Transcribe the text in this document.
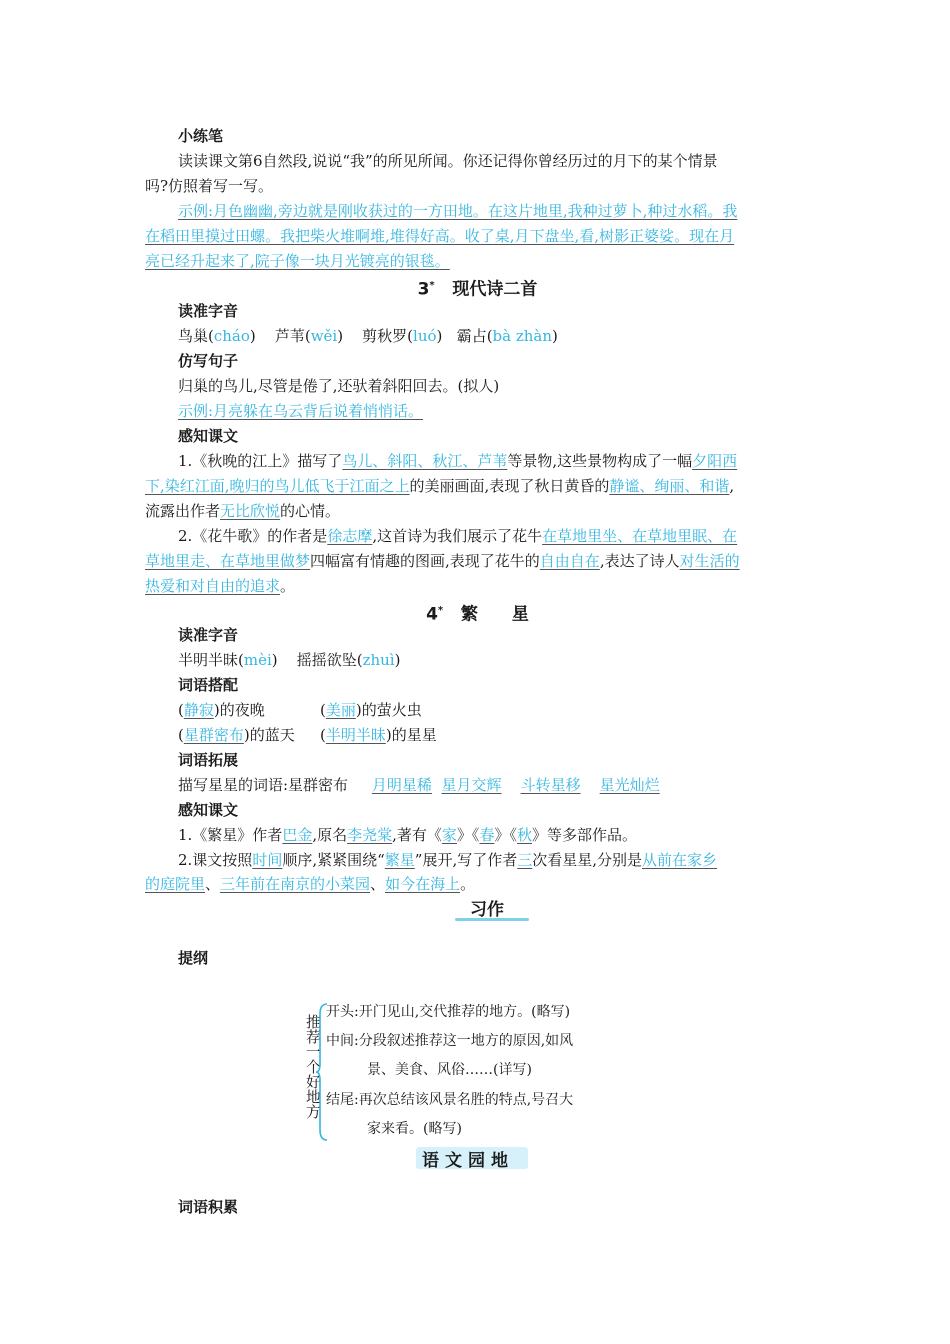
小练笔
读读课文第6自然段,说说“我”的所见所闻。你还记得你曾经历过的月下的某个情景
吗?仿照着写一写。
示例:月色幽幽,旁边就是刚收获过的一方田地。在这片地里,我种过萝卜,种过水稻。我
在稻田里摸过田螺。我把柴火堆啊堆,堆得好高。收了桌,月下盘坐,看,树影正婆娑。现在月
亮已经升起来了,院子像一块月光镀亮的银毯。
3* 现代诗二首
读准字音
鸟巢(cháo) 芦苇(wěi) 剪秋罗(luó) 霸占(bà zhàn)
仿写句子
归巢的鸟儿,尽管是倦了,还驮着斜阳回去。(拟人)
示例:月亮躲在乌云背后说着悄悄话。
感知课文
1.《秋晚的江上》描写了鸟儿、斜阳、秋江、芦苇等景物,这些景物构成了一幅夕阳西
下,染红江面,晚归的鸟儿低飞于江面之上的美丽画面,表现了秋日黄昏的静谧、绚丽、和谐,
流露出作者无比欣悦的心情。
2.《花牛歌》的作者是徐志摩,这首诗为我们展示了花牛在草地里坐、在草地里眠、在
草地里走、在草地里做梦四幅富有情趣的图画,表现了花牛的自由自在,表达了诗人对生活的
热爱和对自由的追求。
4* 繁　　星
读准字音
半明半昧(mèi) 摇摇欲坠(zhuì)
词语搭配
(静寂)的夜晚	(美丽)的萤火虫
(星群密布)的蓝天 (半明半昧)的星星
词语拓展
描写星星的词语:星群密布 月明星稀 星月交辉 斗转星移 星光灿烂
感知课文
1.《繁星》作者巴金,原名李尧棠,著有《家》《春》《秋》等多部作品。
2.课文按照时间顺序,紧紧围绕“繁星”展开,写了作者三次看星星,分别是从前在家乡
的庭院里、三年前在南京的小菜园、如今在海上。
习作
提纲
推荐一个好地方
开头:开门见山,交代推荐的地方。(略写)
中间:分段叙述推荐这一地方的原因,如风
景、美食、风俗……(详写)
结尾:再次总结该风景名胜的特点,号召大
家来看。(略写)
语文园地
词语积累
